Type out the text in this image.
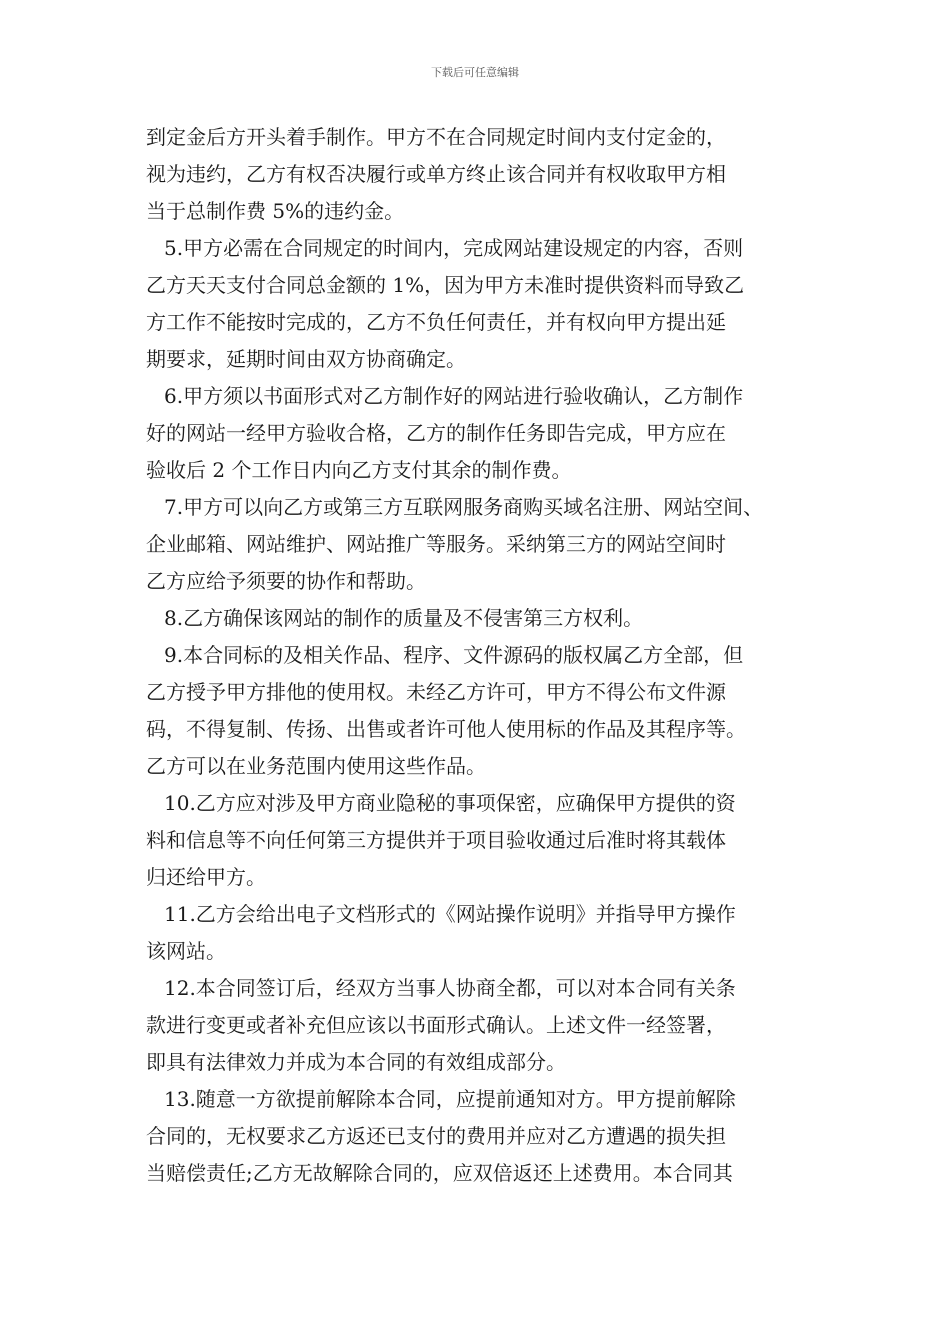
下载后可任意编辑
到定金后方开头着手制作。甲方不在合同规定时间内支付定金的，
视为违约，乙方有权否决履行或单方终止该合同并有权收取甲方相
当于总制作费 5%的违约金。
5.甲方必需在合同规定的时间内，完成网站建设规定的内容，否则
乙方天天支付合同总金额的 1%，因为甲方未准时提供资料而导致乙
方工作不能按时完成的，乙方不负任何责任，并有权向甲方提出延
期要求，延期时间由双方协商确定。
6.甲方须以书面形式对乙方制作好的网站进行验收确认，乙方制作
好的网站一经甲方验收合格，乙方的制作任务即告完成，甲方应在
验收后 2 个工作日内向乙方支付其余的制作费。
7.甲方可以向乙方或第三方互联网服务商购买域名注册、网站空间、
企业邮箱、网站维护、网站推广等服务。采纳第三方的网站空间时
乙方应给予须要的协作和帮助。
8.乙方确保该网站的制作的质量及不侵害第三方权利。
9.本合同标的及相关作品、程序、文件源码的版权属乙方全部，但
乙方授予甲方排他的使用权。未经乙方许可，甲方不得公布文件源
码，不得复制、传扬、出售或者许可他人使用标的作品及其程序等。
乙方可以在业务范围内使用这些作品。
10.乙方应对涉及甲方商业隐秘的事项保密，应确保甲方提供的资
料和信息等不向任何第三方提供并于项目验收通过后准时将其载体
归还给甲方。
11.乙方会给出电子文档形式的《网站操作说明》并指导甲方操作
该网站。
12.本合同签订后，经双方当事人协商全都，可以对本合同有关条
款进行变更或者补充但应该以书面形式确认。上述文件一经签署，
即具有法律效力并成为本合同的有效组成部分。
13.随意一方欲提前解除本合同，应提前通知对方。甲方提前解除
合同的，无权要求乙方返还已支付的费用并应对乙方遭遇的损失担
当赔偿责任;乙方无故解除合同的，应双倍返还上述费用。本合同其
